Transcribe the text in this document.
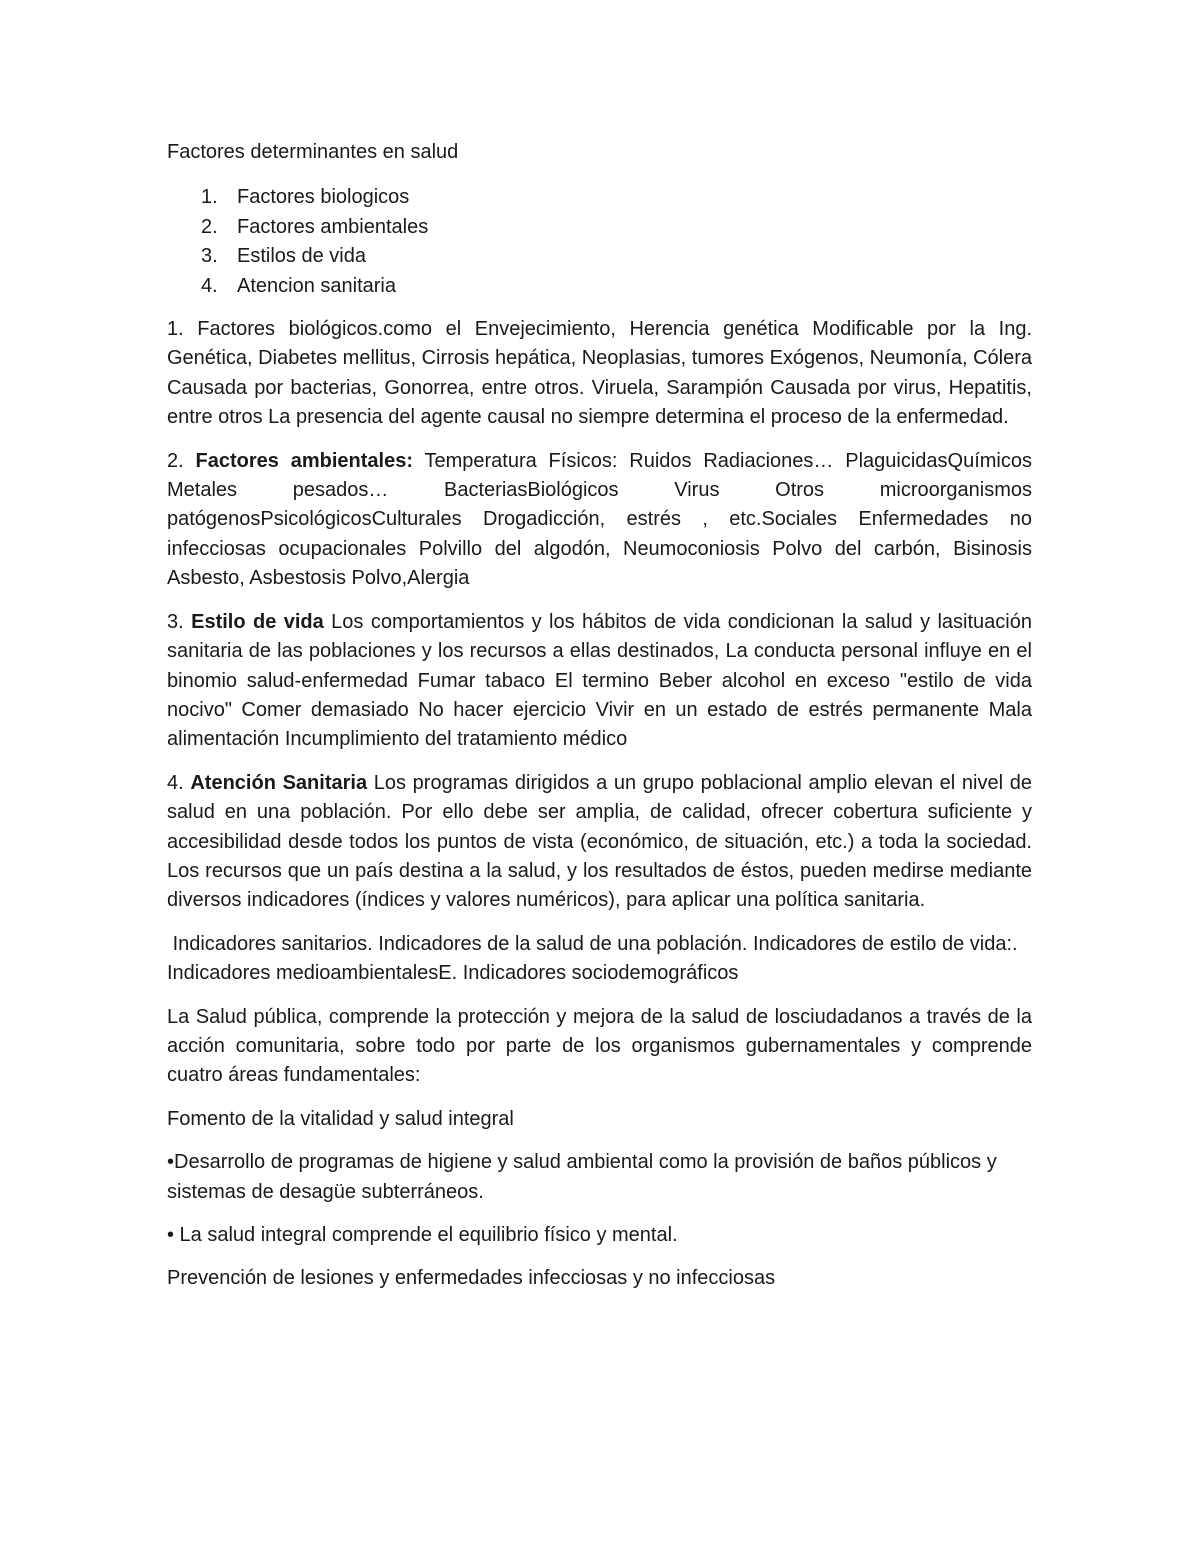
Factores determinantes en salud

1. Factores biologicos
2. Factores ambientales
3. Estilos de vida
4. Atencion sanitaria

1. Factores biológicos.como el Envejecimiento, Herencia genética Modificable por la Ing. Genética, Diabetes mellitus, Cirrosis hepática, Neoplasias, tumores Exógenos, Neumonía, Cólera Causada por bacterias, Gonorrea, entre otros. Viruela, Sarampión Causada por virus, Hepatitis, entre otros La presencia del agente causal no siempre determina el proceso de la enfermedad.

2. Factores ambientales: Temperatura Físicos: Ruidos Radiaciones… PlaguicidasQuímicos Metales pesados… BacteriasBiológicos Virus Otros microorganismos patógenosPsicológicosCulturales Drogadicción, estrés , etc.Sociales Enfermedades no infecciosas ocupacionales Polvillo del algodón, Neumoconiosis Polvo del carbón, Bisinosis Asbesto, Asbestosis Polvo,Alergia

3. Estilo de vida Los comportamientos y los hábitos de vida condicionan la salud y lasituación sanitaria de las poblaciones y los recursos a ellas destinados, La conducta personal influye en el binomio salud-enfermedad Fumar tabaco El termino Beber alcohol en exceso "estilo de vida nocivo" Comer demasiado No hacer ejercicio Vivir en un estado de estrés permanente Mala alimentación Incumplimiento del tratamiento médico

4. Atención Sanitaria Los programas dirigidos a un grupo poblacional amplio elevan el nivel de salud en una población. Por ello debe ser amplia, de calidad, ofrecer cobertura suficiente y accesibilidad desde todos los puntos de vista (económico, de situación, etc.) a toda la sociedad. Los recursos que un país destina a la salud, y los resultados de éstos, pueden medirse mediante diversos indicadores (índices y valores numéricos), para aplicar una política sanitaria.

Indicadores sanitarios. Indicadores de la salud de una población. Indicadores de estilo de vida:. Indicadores medioambientalesE. Indicadores sociodemográficos

La Salud pública, comprende la protección y mejora de la salud de losciudadanos a través de la acción comunitaria, sobre todo por parte de los organismos gubernamentales y comprende cuatro áreas fundamentales:

Fomento de la vitalidad y salud integral

•Desarrollo de programas de higiene y salud ambiental como la provisión de baños públicos y sistemas de desagüe subterráneos.

• La salud integral comprende el equilibrio físico y mental.

Prevención de lesiones y enfermedades infecciosas y no infecciosas
